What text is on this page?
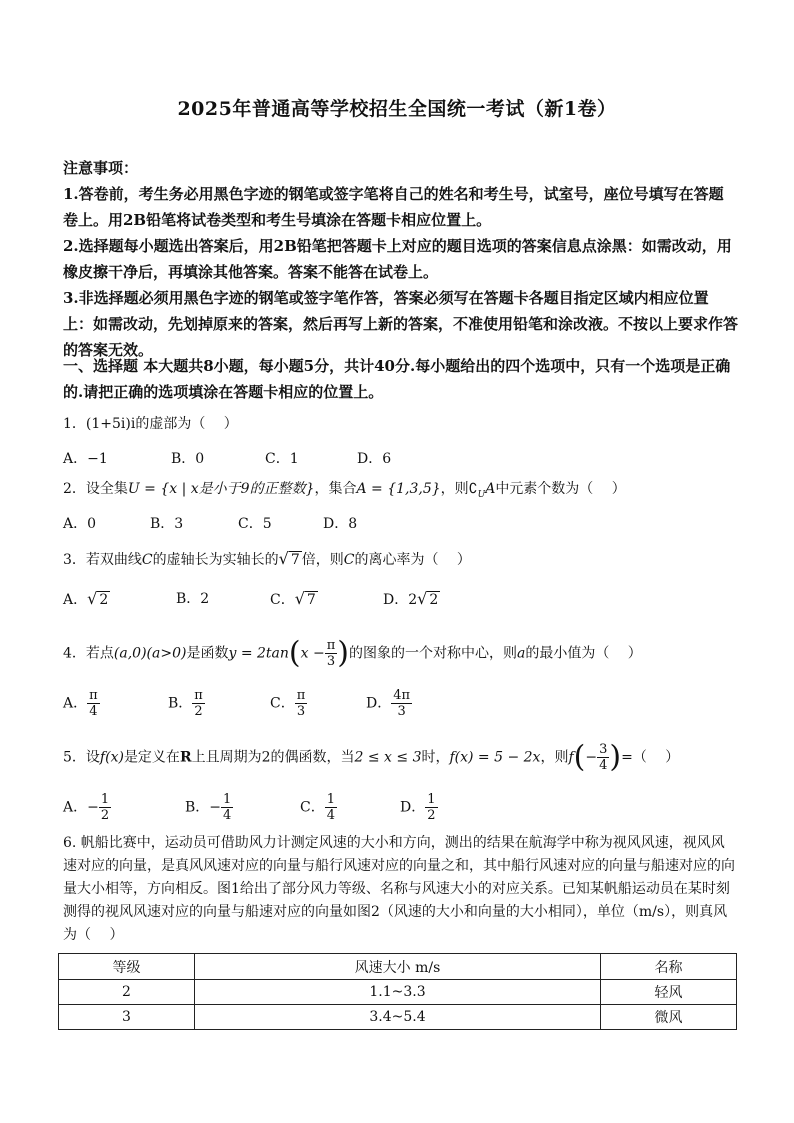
2025年普通高等学校招生全国统一考试（新1卷）
注意事项：
1.答卷前，考生务必用黑色字迹的钢笔或签字笔将自己的姓名和考生号，试室号，座位号填写在答题卷上。用2B铅笔将试卷类型和考生号填涂在答题卡相应位置上。
2.选择题每小题选出答案后，用2B铅笔把答题卡上对应的题目选项的答案信息点涂黑：如需改动，用橡皮擦干净后，再填涂其他答案。答案不能答在试卷上。
3.非选择题必须用黑色字迹的钢笔或签字笔作答，答案必须写在答题卡各题目指定区域内相应位置上：如需改动，先划掉原来的答案，然后再写上新的答案，不准使用铅笔和涂改液。不按以上要求作答的答案无效。
一、选择题 本大题共8小题，每小题5分，共计40分.每小题给出的四个选项中，只有一个选项是正确的.请把正确的选项填涂在答题卡相应的位置上。
1．(1+5i)i的虚部为（　 ）
A．−1	B．0	C．1	D．6
2．设全集U = {x | x是小于9的正整数}，集合A = {1,3,5}，则$∁_UA$中元素个数为（　 ）
A．0	B．3	C．5	D．8
3．若双曲线C的虚轴长为实轴长的√ 7 倍，则C的离心率为（　 ）
A．√ 2	B．2	C．√ 7	D．2√ 2
4．若点(a,0)(a>0)是函数$y = 2\tan(x - \frac{\pi}{3}$ )的图象的一个对称中心，则a的最小值为（　 ）
A． $\frac{\pi}{4}$	B． $\frac{\pi}{2}$	C． $\frac{\pi}{3}$	D． $\frac{4\pi}{3}$
5．设f(x)是定义在R上且周期为2的偶函数，当2 ≤ x ≤ 3时，f(x) = 5 − 2x，则$f(- \frac{3}{4}$ )=（　 ）
A．− $\frac{1}{2}$	B．− $\frac{1}{4}$	C． $\frac{1}{4}$	D． $\frac{1}{2}$
6. 帆船比赛中，运动员可借助风力计测定风速的大小和方向，测出的结果在航海学中称为视风风速，视风风速对应的向量，是真风风速对应的向量与船行风速对应的向量之和，其中船行风速对应的向量与船速对应的向量大小相等，方向相反。图1给出了部分风力等级、名称与风速大小的对应关系。已知某帆船运动员在某时刻测得的视风风速对应的向量与船速对应的向量如图2（风速的大小和向量的大小相同），单位（m/s），则真风为（　 ）
等级	风速大小 m/s	名称
2	1.1~3.3	轻风
3	3.4~5.4	微风
